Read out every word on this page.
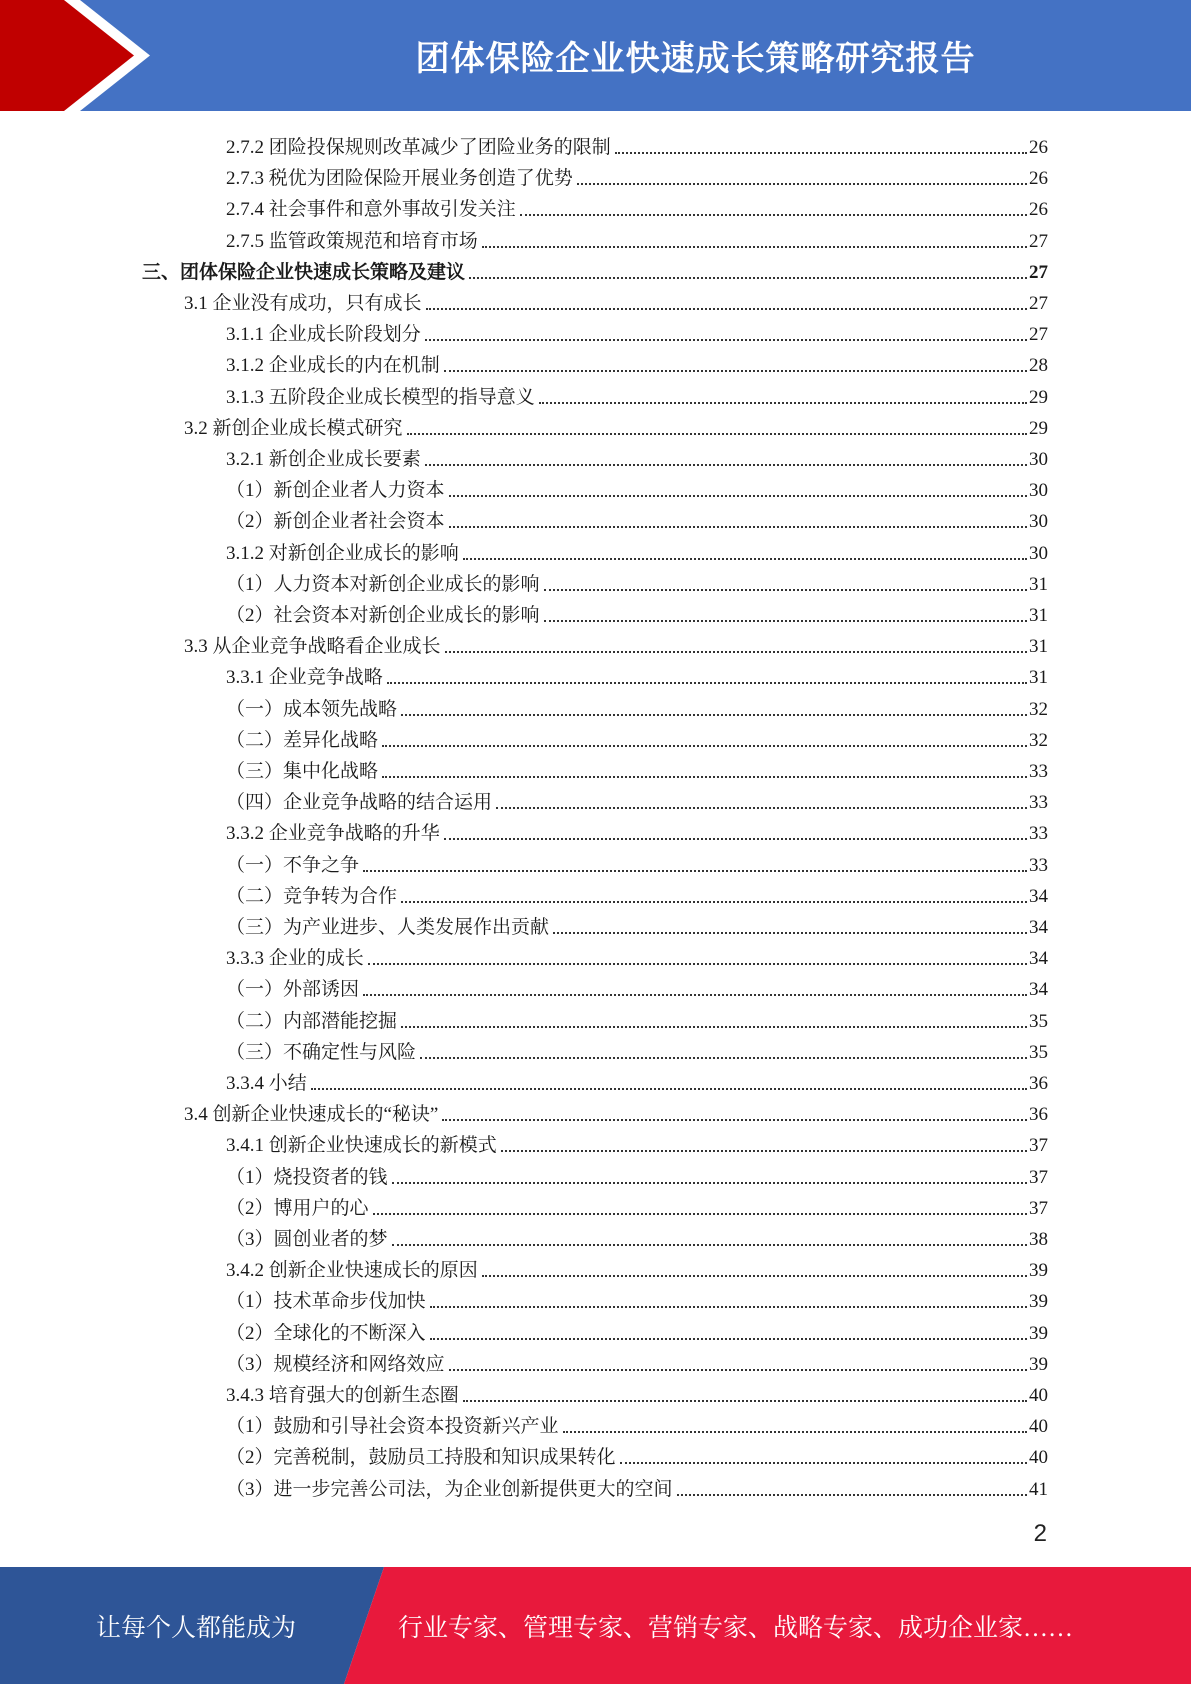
团体保险企业快速成长策略研究报告
2.7.2 团险投保规则改革减少了团险业务的限制	26
2.7.3 税优为团险保险开展业务创造了优势	26
2.7.4 社会事件和意外事故引发关注	26
2.7.5 监管政策规范和培育市场	27
三、团体保险企业快速成长策略及建议	27
3.1 企业没有成功，只有成长	27
3.1.1 企业成长阶段划分	27
3.1.2 企业成长的内在机制	28
3.1.3 五阶段企业成长模型的指导意义	29
3.2 新创企业成长模式研究	29
3.2.1 新创企业成长要素	30
（1）新创企业者人力资本	30
（2）新创企业者社会资本	30
3.1.2 对新创企业成长的影响	30
（1）人力资本对新创企业成长的影响	31
（2）社会资本对新创企业成长的影响	31
3.3 从企业竞争战略看企业成长	31
3.3.1 企业竞争战略	31
（一）成本领先战略	32
（二）差异化战略	32
（三）集中化战略	33
（四）企业竞争战略的结合运用	33
3.3.2 企业竞争战略的升华	33
（一）不争之争	33
（二）竞争转为合作	34
（三）为产业进步、人类发展作出贡献	34
3.3.3 企业的成长	34
（一）外部诱因	34
（二）内部潜能挖掘	35
（三）不确定性与风险	35
3.3.4 小结	36
3.4 创新企业快速成长的“秘诀”	36
3.4.1 创新企业快速成长的新模式	37
（1）烧投资者的钱	37
（2）博用户的心	37
（3）圆创业者的梦	38
3.4.2 创新企业快速成长的原因	39
（1）技术革命步伐加快	39
（2）全球化的不断深入	39
（3）规模经济和网络效应	39
3.4.3 培育强大的创新生态圈	40
（1）鼓励和引导社会资本投资新兴产业	40
（2）完善税制，鼓励员工持股和知识成果转化	40
（3）进一步完善公司法，为企业创新提供更大的空间	41
2
让每个人都能成为	行业专家、管理专家、营销专家、战略专家、成功企业家……
